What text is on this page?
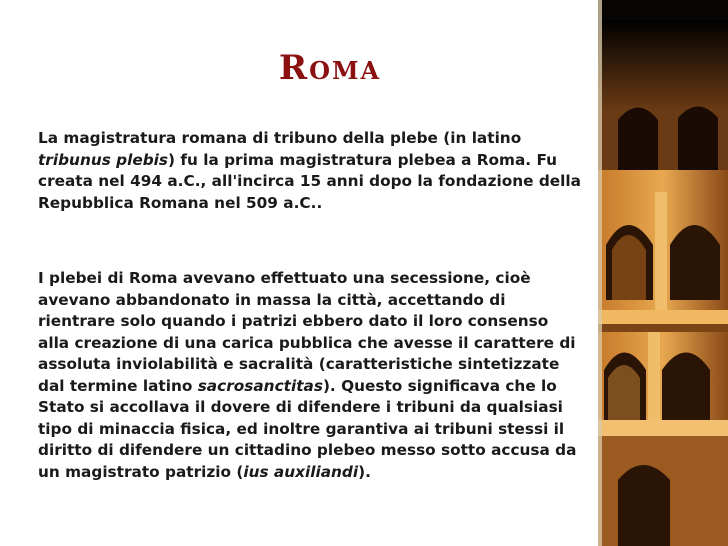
Roma

La magistratura romana di tribuno della plebe (in latino tribunus plebis) fu la prima magistratura plebea a Roma. Fu creata nel 494 a.C., all'incirca 15 anni dopo la fondazione della Repubblica Romana nel 509 a.C..

I plebei di Roma avevano effettuato una secessione, cioè avevano abbandonato in massa la città, accettando di rientrare solo quando i patrizi ebbero dato il loro consenso alla creazione di una carica pubblica che avesse il carattere di assoluta inviolabilità e sacralità (caratteristiche sintetizzate dal termine latino sacrosanctitas). Questo significava che lo Stato si accollava il dovere di difendere i tribuni da qualsiasi tipo di minaccia fisica, ed inoltre garantiva ai tribuni stessi il diritto di difendere un cittadino plebeo messo sotto accusa da un magistrato patrizio (ius auxiliandi).
